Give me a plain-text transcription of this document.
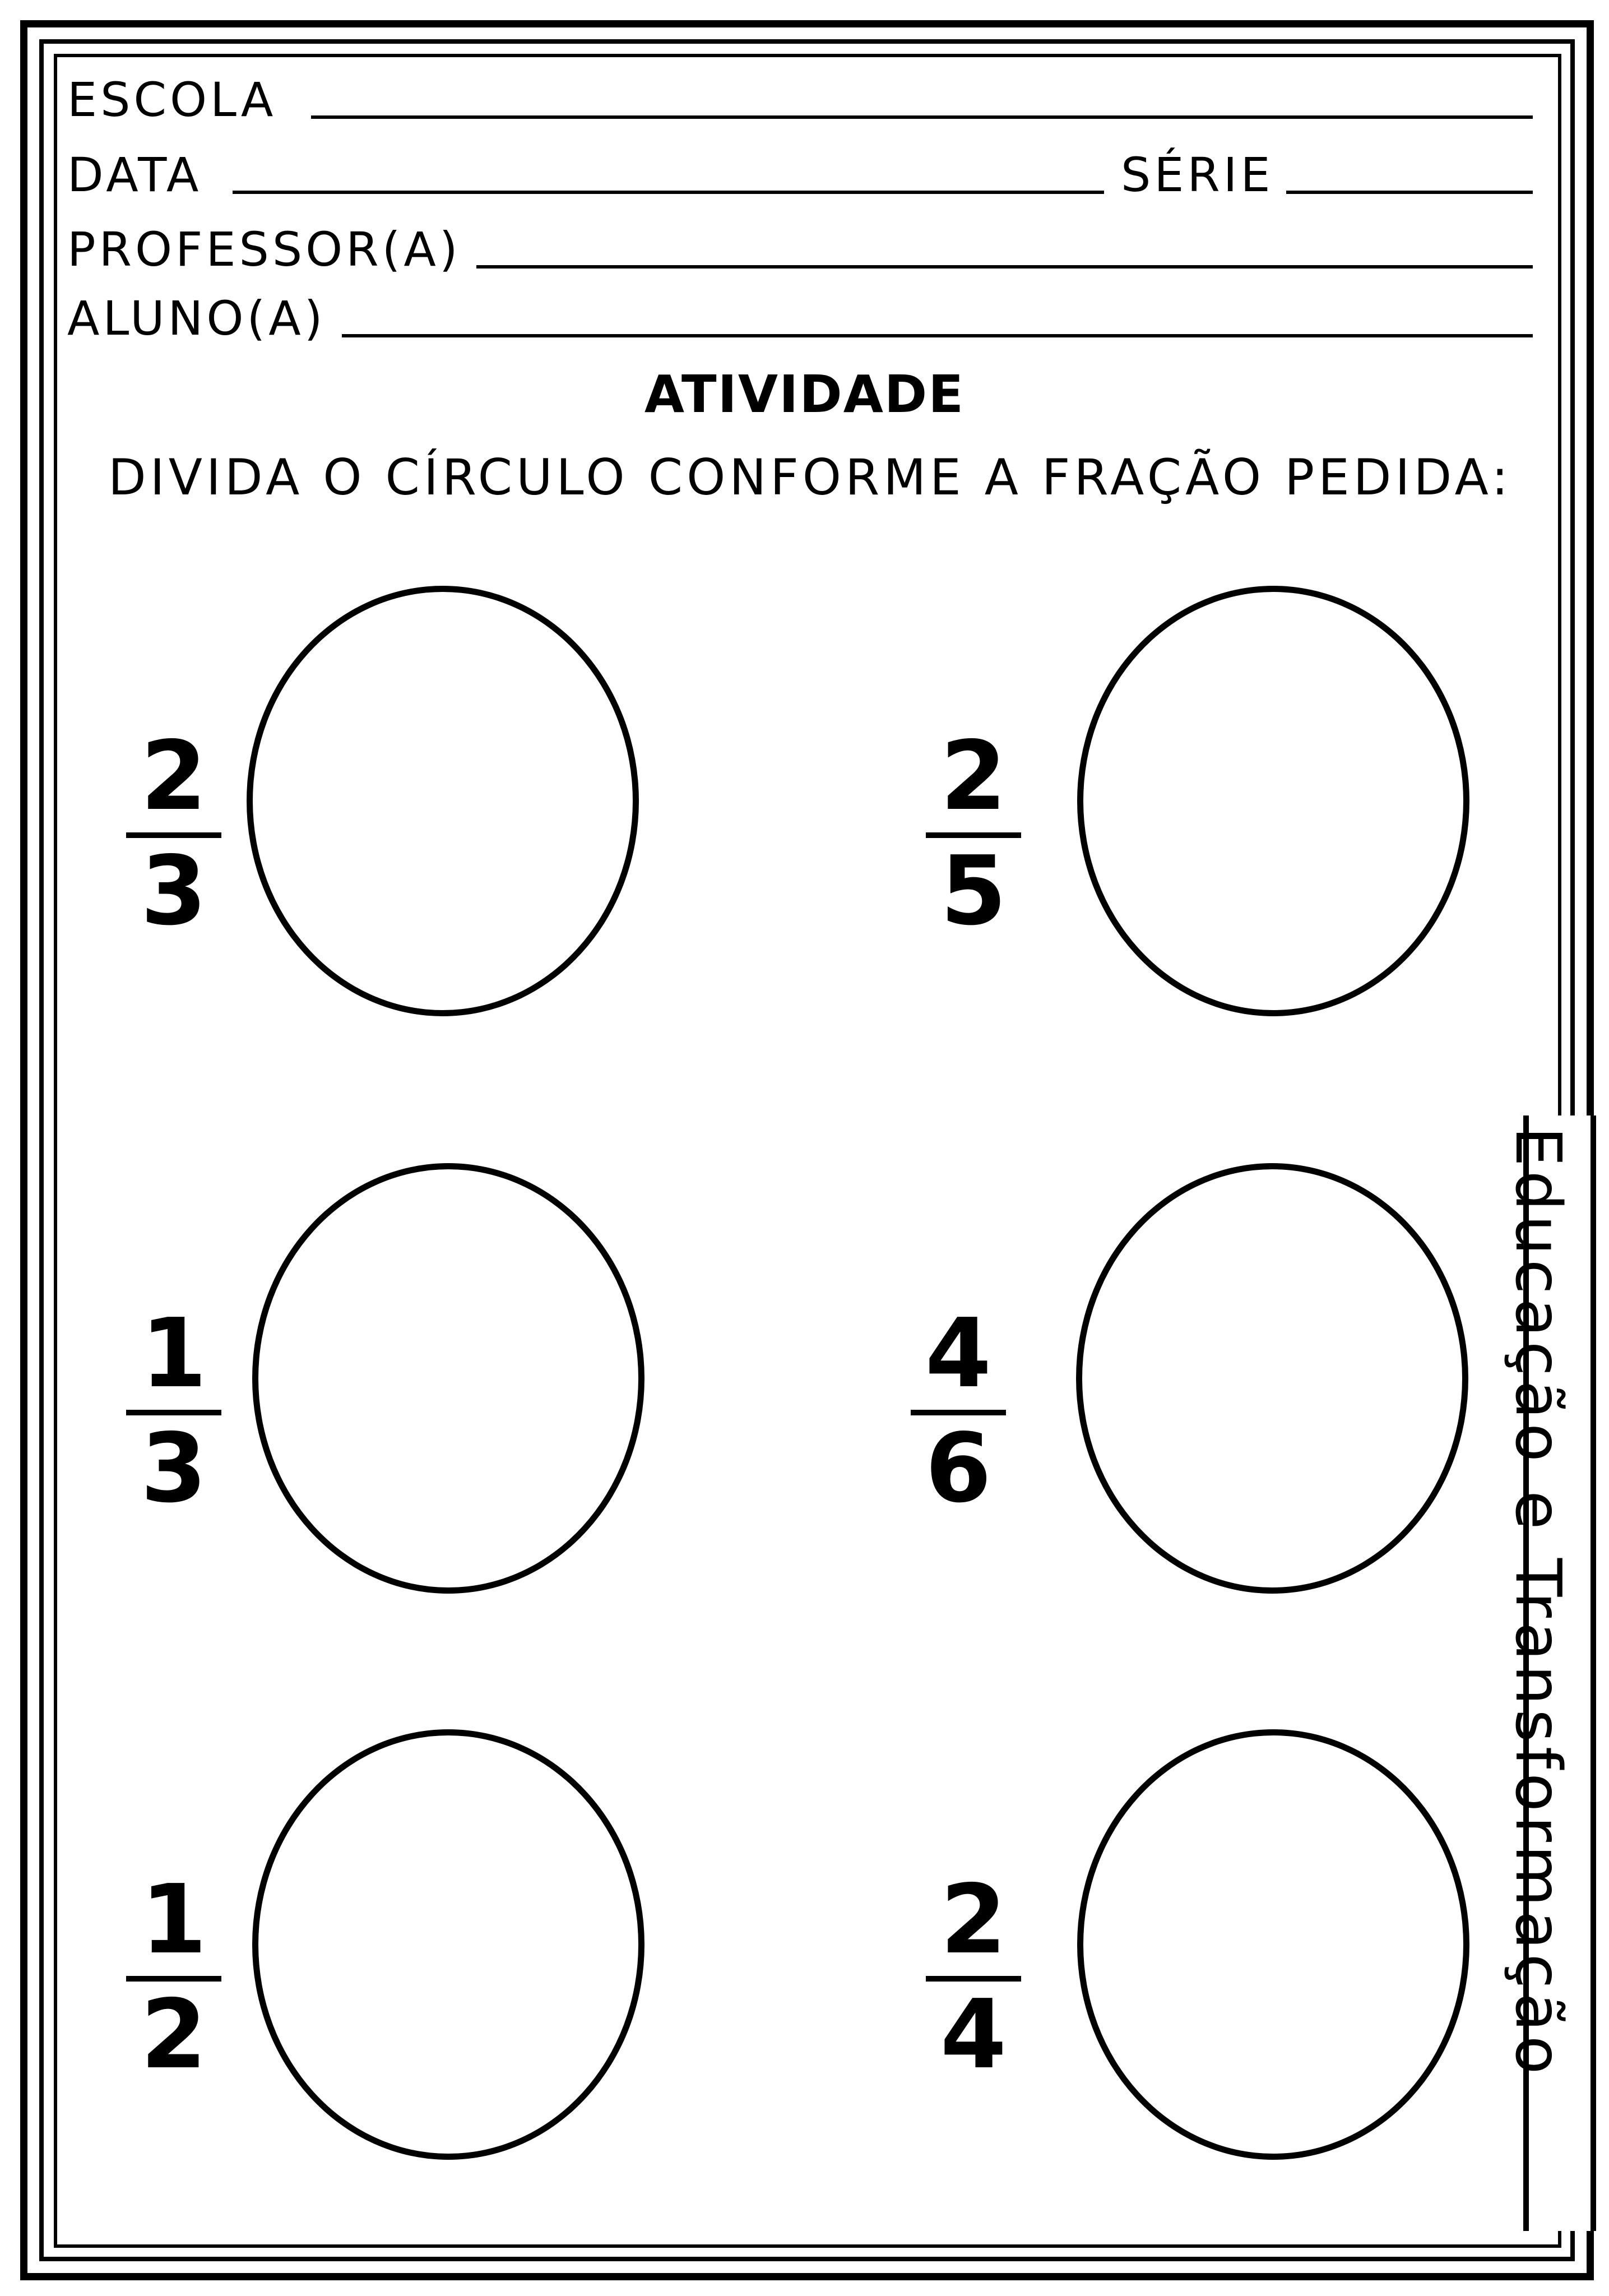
ESCOLA
DATA	SÉRIE
PROFESSOR(A)
ALUNO(A)
ATIVIDADE
DIVIDA O CÍRCULO CONFORME A FRAÇÃO PEDIDA:
2
3
2
5
1
3
4
6
1
2
2
4	Educação e Transformação
